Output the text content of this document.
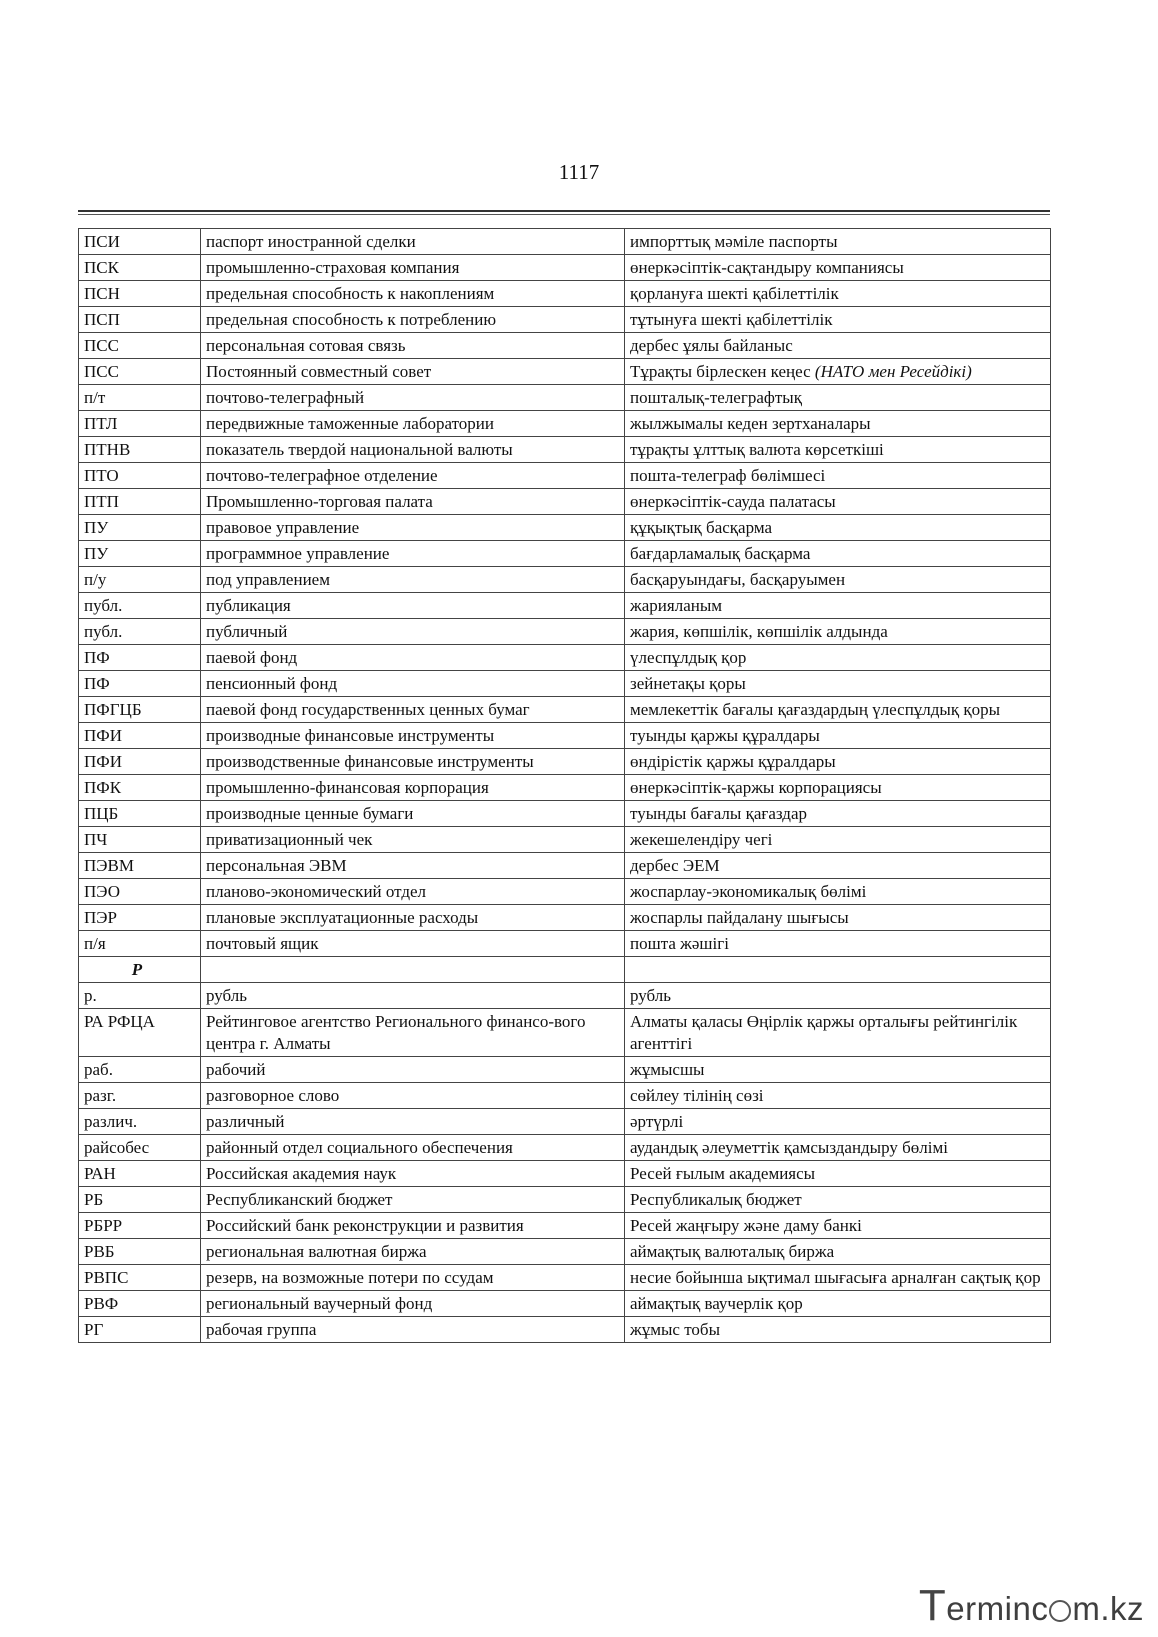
1117
ПСИ	паспорт иностранной сделки	импорттық мәміле паспорты
ПСК	промышленно-страховая компания	өнеркәсіптік-сақтандыру компаниясы
ПСН	предельная способность к накоплениям	қорлануға шекті қабілеттілік
ПСП	предельная способность к потреблению	тұтынуға шекті қабілеттілік
ПСС	персональная сотовая связь	дербес ұялы байланыс
ПСС	Постоянный совместный совет	Тұрақты бірлескен кеңес (НАТО мен Ресейдікі)
п/т	почтово-телеграфный	пошталық-телеграфтық
ПТЛ	передвижные таможенные лаборатории	жылжымалы кеден зертханалары
ПТНВ	показатель твердой национальной валюты	тұрақты ұлттық валюта көрсеткіші
ПТО	почтово-телеграфное отделение	пошта-телеграф бөлімшесі
ПТП	Промышленно-торговая палата	өнеркәсіптік-сауда палатасы
ПУ	правовое управление	құқықтық басқарма
ПУ	программное управление	бағдарламалық басқарма
п/у	под управлением	басқаруындағы, басқаруымен
публ.	публикация	жарияланым
публ.	публичный	жария, көпшілік, көпшілік алдында
ПФ	паевой фонд	үлеспұлдық қор
ПФ	пенсионный фонд	зейнетақы қоры
ПФГЦБ	паевой фонд государственных ценных бумаг	мемлекеттік бағалы қағаздардың үлеспұлдық қоры
ПФИ	производные финансовые инструменты	туынды қаржы құралдары
ПФИ	производственные финансовые инструменты	өндірістік қаржы құралдары
ПФК	промышленно-финансовая корпорация	өнеркәсіптік-қаржы корпорациясы
ПЦБ	производные ценные бумаги	туынды бағалы қағаздар
ПЧ	приватизационный чек	жекешелендіру чегі
ПЭВМ	персональная ЭВМ	дербес ЭЕМ
ПЭО	планово-экономический отдел	жоспарлау-экономикалық бөлімі
ПЭР	плановые эксплуатационные расходы	жоспарлы пайдалану шығысы
п/я	почтовый ящик	пошта жәшігі
Р		
р.	рубль	рубль
РА РФЦА	Рейтинговое агентство Регионального финансо-вого центра г. Алматы	Алматы қаласы Өңірлік қаржы орталығы рейтингілік агенттігі
раб.	рабочий	жұмысшы
разг.	разговорное слово	сөйлеу тілінің сөзі
различ.	различный	әртүрлі
райсобес	районный отдел социального обеспечения	аудандық әлеуметтік қамсыздандыру бөлімі
РАН	Российская академия наук	Ресей ғылым академиясы
РБ	Республиканский бюджет	Республикалық бюджет
РБРР	Российский банк реконструкции и развития	Ресей жаңғыру және даму банкі
РВБ	региональная валютная биржа	аймақтық валюталық биржа
РВПС	резерв, на возможные потери по ссудам	несие бойынша ықтимал шығасыға арналған сақтық қор
РВФ	региональный ваучерный фонд	аймақтық ваучерлік қор
РГ	рабочая группа	жұмыс тобы
Terminc m.kz
